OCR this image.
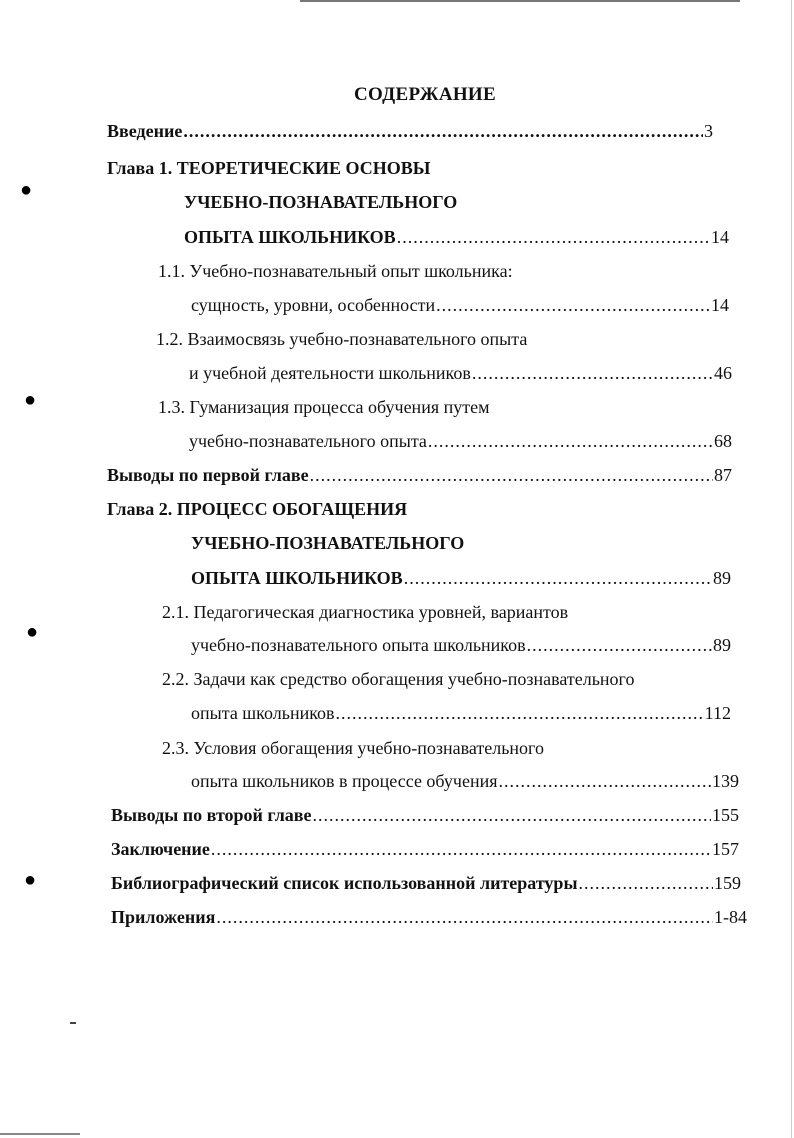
●
●
●
●
СОДЕРЖАНИЕ
Введение .....	3
Глава 1. ТЕОРЕТИЧЕСКИЕ ОСНОВЫ
УЧЕБНО-ПОЗНАВАТЕЛЬНОГО
ОПЫТА ШКОЛЬНИКОВ .....	14
1.1. Учебно-познавательный опыт школьника:
сущность, уровни, особенности .....	14
1.2. Взаимосвязь учебно-познавательного опыта
и учебной деятельности школьников .....	46
1.3. Гуманизация процесса обучения путем
учебно-познавательного опыта .....	68
Выводы по первой главе .....	87
Глава 2. ПРОЦЕСС ОБОГАЩЕНИЯ
УЧЕБНО-ПОЗНАВАТЕЛЬНОГО
ОПЫТА ШКОЛЬНИКОВ .....	89
2.1. Педагогическая диагностика уровней, вариантов
учебно-познавательного опыта школьников .....	89
2.2. Задачи как средство обогащения учебно-познавательного
опыта школьников .....	112
2.3. Условия обогащения учебно-познавательного
опыта школьников в процессе обучения .....	139
Выводы по второй главе .....	155
Заключение .....	157
Библиографический список использованной литературы .....	159
Приложения .....	1-84
